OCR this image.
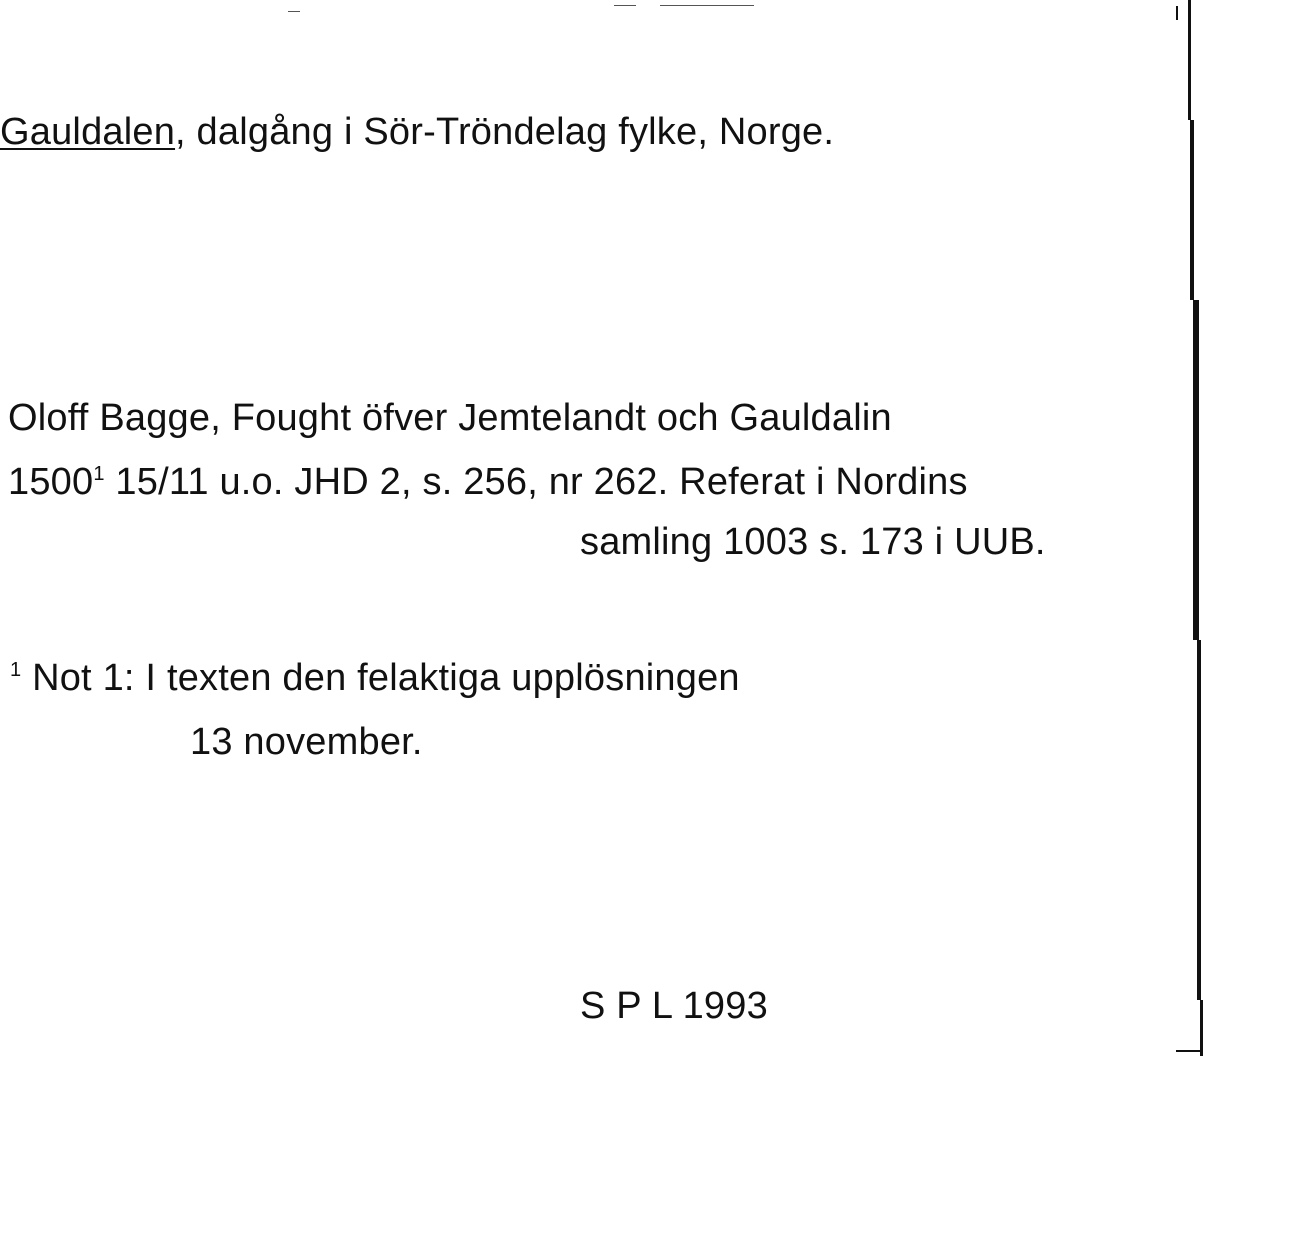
Gauldalen, dalgång i Sör-Tröndelag fylke, Norge.
Oloff Bagge, Fought öfver Jemtelandt och Gauldalin
1500$^1$ 15/11 u.o. JHD 2, s. 256, nr 262. Referat i Nordins
samling 1003 s. 173 i UUB.
$^1$ Not 1: I texten den felaktiga upplösningen
13 november.
S P L 1993
